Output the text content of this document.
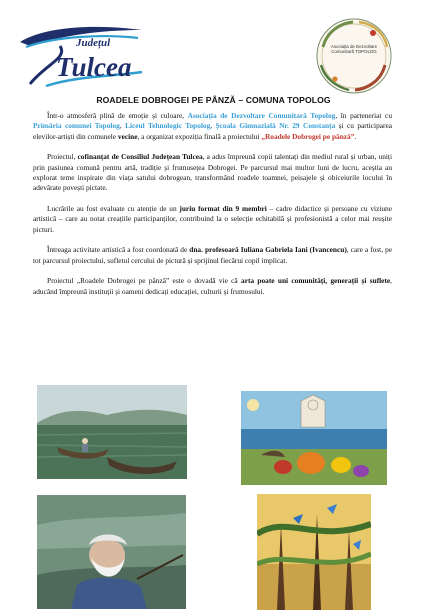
Județul
Tulcea
Asociația de Dezvoltare
Comunitară TOPOLOG
ROADELE DOBROGEI PE PÂNZĂ – COMUNA TOPOLOG

Într-o atmosferă plină de emoție și culoare, Asociația de Dezvoltare Comunitară Topolog, în parteneriat cu Primăria comunei Topolog, Liceul Tehnologic Topolog, Școala Gimnazială Nr. 29 Constanța și cu participarea elevilor-artiști din comunele vecine, a organizat expoziția finală a proiectului „Roadele Dobrogei pe pânză”.

Proiectul, cofinanțat de Consiliul Județean Tulcea, a adus împreună copii talentați din mediul rural și urban, uniți prin pasiunea comună pentru artă, tradiție și frumusețea Dobrogei. Pe parcursul mai multor luni de lucru, aceștia au explorat teme inspirate din viața satului dobrogean, transformând roadele toamnei, peisajele și obiceiurile locului în adevărate povești pictate.

Lucrările au fost evaluate cu atenție de un juriu format din 9 membri – cadre didactice și persoane cu viziune artistică – care au notat creațiile participanților, contribuind la o selecție echitabilă și profesionistă a celor mai reușite picturi.

Întreaga activitate artistică a fost coordonată de dna. profesoară Iuliana Gabriela Iani (Ivancencu), care a fost, pe tot parcursul proiectului, sufletul cercului de pictură și sprijinul fiecărui copil implicat.

Proiectul „Roadele Dobrogei pe pânză” este o dovadă vie că arta poate uni comunități, generații și suflete, aducând împreună instituții și oameni dedicați educației, culturii și frumosului.
